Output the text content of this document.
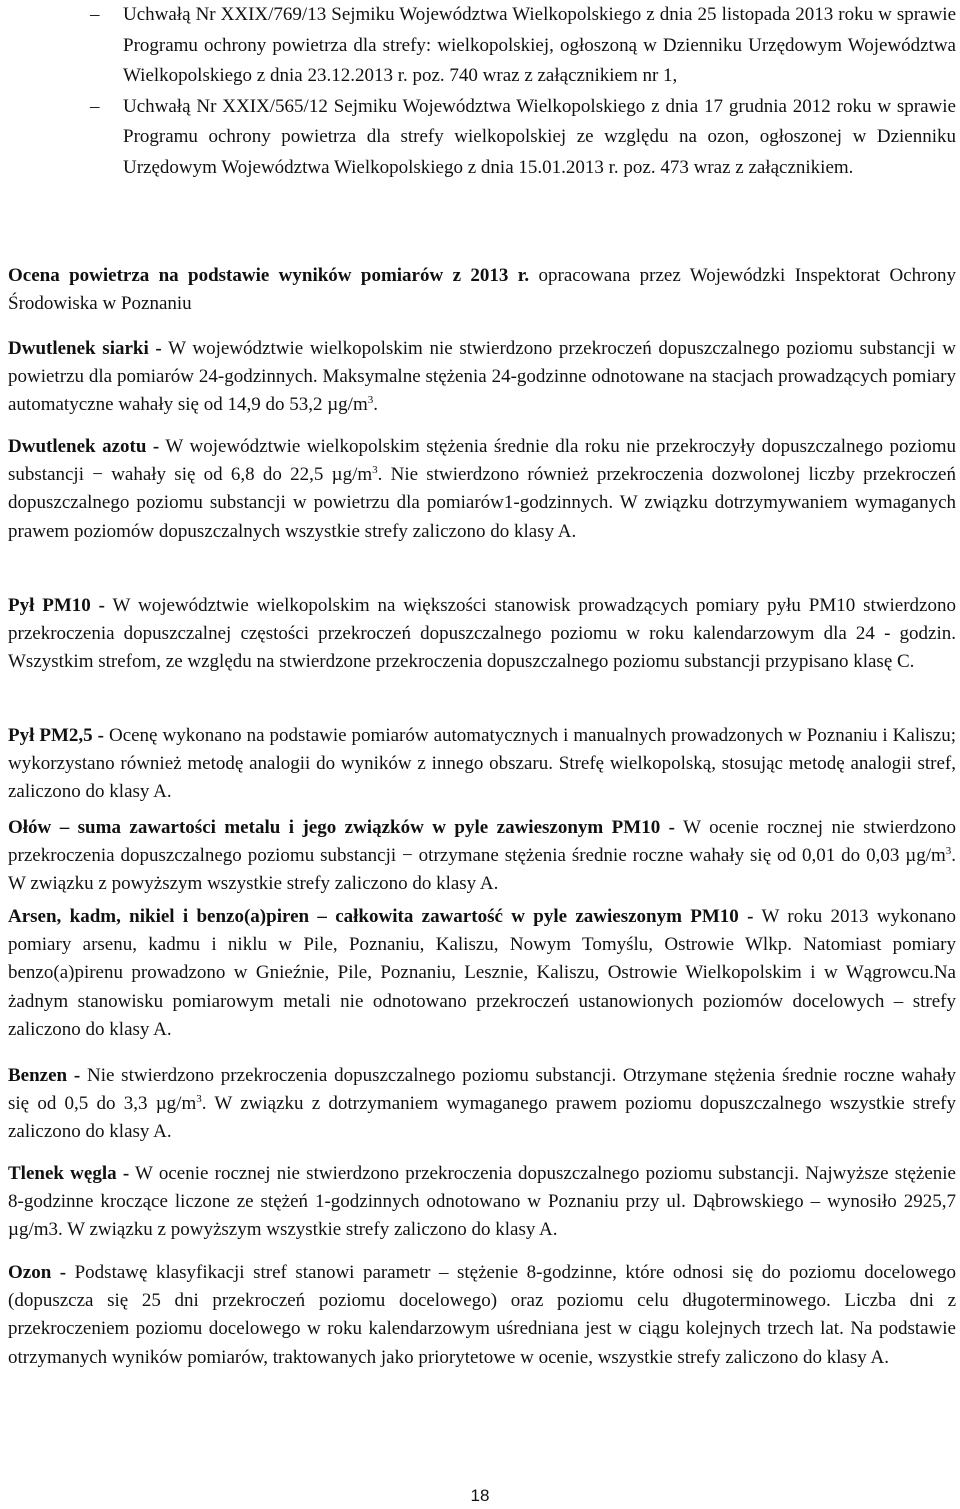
– Uchwałą Nr XXIX/769/13 Sejmiku Województwa Wielkopolskiego z dnia 25 listopada 2013 roku w sprawie Programu ochrony powietrza dla strefy: wielkopolskiej, ogłoszoną w Dzienniku Urzędowym Województwa Wielkopolskiego z dnia 23.12.2013 r. poz. 740 wraz z załącznikiem nr 1,
– Uchwałą Nr XXIX/565/12 Sejmiku Województwa Wielkopolskiego z dnia 17 grudnia 2012 roku w sprawie Programu ochrony powietrza dla strefy wielkopolskiej ze względu na ozon, ogłoszonej w Dzienniku Urzędowym Województwa Wielkopolskiego z dnia 15.01.2013 r. poz. 473 wraz z załącznikiem.
Ocena powietrza na podstawie wyników pomiarów z 2013 r. opracowana przez Wojewódzki Inspektorat Ochrony Środowiska w Poznaniu
Dwutlenek siarki - W województwie wielkopolskim nie stwierdzono przekroczeń dopuszczalnego poziomu substancji w powietrzu dla pomiarów 24-godzinnych. Maksymalne stężenia 24-godzinne odnotowane na stacjach prowadzących pomiary automatyczne wahały się od 14,9 do 53,2 $\mu g/m^3$.
Dwutlenek azotu - W województwie wielkopolskim stężenia średnie dla roku nie przekroczyły dopuszczalnego poziomu substancji − wahały się od 6,8 do 22,5 $\mu g/m^3$. Nie stwierdzono również przekroczenia dozwolonej liczby przekroczeń dopuszczalnego poziomu substancji w powietrzu dla pomiarów1-godzinnych. W związku dotrzymywaniem wymaganych prawem poziomów dopuszczalnych wszystkie strefy zaliczono do klasy A.
Pył PM10 - W województwie wielkopolskim na większości stanowisk prowadzących pomiary pyłu PM10 stwierdzono przekroczenia dopuszczalnej częstości przekroczeń dopuszczalnego poziomu w roku kalendarzowym dla 24 - godzin. Wszystkim strefom, ze względu na stwierdzone przekroczenia dopuszczalnego poziomu substancji przypisano klasę C.
Pył PM2,5 - Ocenę wykonano na podstawie pomiarów automatycznych i manualnych prowadzonych w Poznaniu i Kaliszu; wykorzystano również metodę analogii do wyników z innego obszaru. Strefę wielkopolską, stosując metodę analogii stref, zaliczono do klasy A.
Ołów – suma zawartości metalu i jego związków w pyle zawieszonym PM10 - W ocenie rocznej nie stwierdzono przekroczenia dopuszczalnego poziomu substancji − otrzymane stężenia średnie roczne wahały się od 0,01 do 0,03 $\mu g/m^3$. W związku z powyższym wszystkie strefy zaliczono do klasy A.
Arsen, kadm, nikiel i benzo(a)piren – całkowita zawartość w pyle zawieszonym PM10 - W roku 2013 wykonano pomiary arsenu, kadmu i niklu w Pile, Poznaniu, Kaliszu, Nowym Tomyślu, Ostrowie Wlkp. Natomiast pomiary benzo(a)pirenu prowadzono w Gnieźnie, Pile, Poznaniu, Lesznie, Kaliszu, Ostrowie Wielkopolskim i w Wągrowcu.Na żadnym stanowisku pomiarowym metali nie odnotowano przekroczeń ustanowionych poziomów docelowych – strefy zaliczono do klasy A.
Benzen - Nie stwierdzono przekroczenia dopuszczalnego poziomu substancji. Otrzymane stężenia średnie roczne wahały się od 0,5 do 3,3 $\mu g/m^3$. W związku z dotrzymaniem wymaganego prawem poziomu dopuszczalnego wszystkie strefy zaliczono do klasy A.
Tlenek węgla - W ocenie rocznej nie stwierdzono przekroczenia dopuszczalnego poziomu substancji. Najwyższe stężenie 8-godzinne kroczące liczone ze stężeń 1-godzinnych odnotowano w Poznaniu przy ul. Dąbrowskiego – wynosiło 2925,7 µg/m3. W związku z powyższym wszystkie strefy zaliczono do klasy A.
Ozon - Podstawę klasyfikacji stref stanowi parametr – stężenie 8-godzinne, które odnosi się do poziomu docelowego (dopuszcza się 25 dni przekroczeń poziomu docelowego) oraz poziomu celu długoterminowego. Liczba dni z przekroczeniem poziomu docelowego w roku kalendarzowym uśredniana jest w ciągu kolejnych trzech lat. Na podstawie otrzymanych wyników pomiarów, traktowanych jako priorytetowe w ocenie, wszystkie strefy zaliczono do klasy A.
18
